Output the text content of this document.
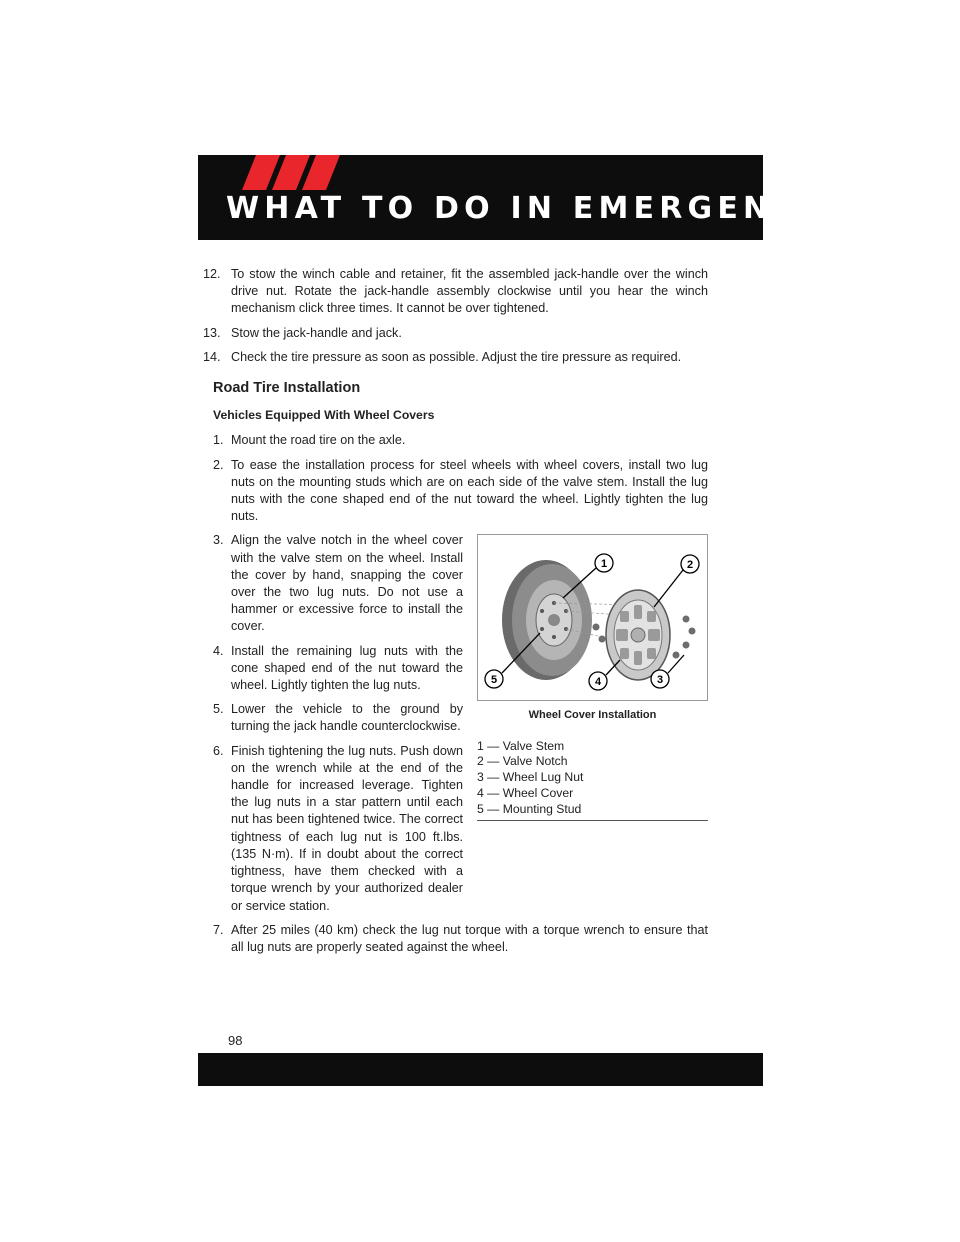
WHAT TO DO IN EMERGENCIES
12. To stow the winch cable and retainer, fit the assembled jack-handle over the winch drive nut. Rotate the jack-handle assembly clockwise until you hear the winch mechanism click three times. It cannot be over tightened.
13. Stow the jack-handle and jack.
14. Check the tire pressure as soon as possible. Adjust the tire pressure as required.
Road Tire Installation
Vehicles Equipped With Wheel Covers
1. Mount the road tire on the axle.
2. To ease the installation process for steel wheels with wheel covers, install two lug nuts on the mounting studs which are on each side of the valve stem. Install the lug nuts with the cone shaped end of the nut toward the wheel. Lightly tighten the lug nuts.
1	2
3
4
5
Wheel Cover Installation
1 — Valve Stem
2 — Valve Notch
3 — Wheel Lug Nut
4 — Wheel Cover
5 — Mounting Stud
3. Align the valve notch in the wheel cover with the valve stem on the wheel. Install the cover by hand, snapping the cover over the two lug nuts. Do not use a hammer or excessive force to install the cover.
4. Install the remaining lug nuts with the cone shaped end of the nut toward the wheel. Lightly tighten the lug nuts.
5. Lower the vehicle to the ground by turning the jack handle counterclockwise.
6. Finish tightening the lug nuts. Push down on the wrench while at the end of the handle for increased leverage. Tighten the lug nuts in a star pattern until each nut has been tightened twice. The correct tightness of each lug nut is 100 ft.lbs. (135 N·m). If in doubt about the correct tightness, have them checked with a torque wrench by your authorized dealer or service station.
7. After 25 miles (40 km) check the lug nut torque with a torque wrench to ensure that all lug nuts are properly seated against the wheel.
98
